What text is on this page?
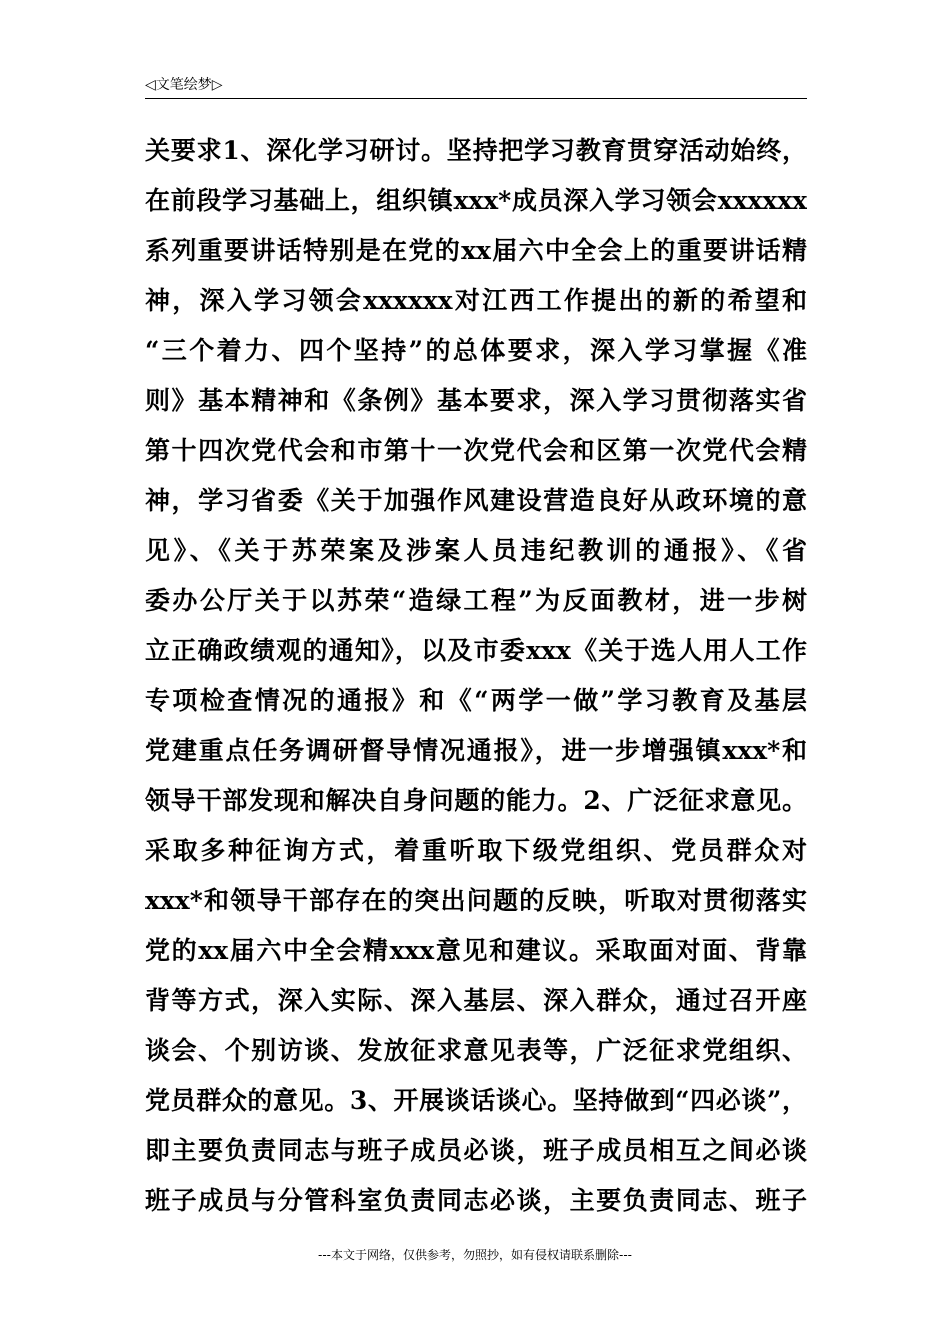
◁文笔绘梦▷
关要求1、深化学习研讨。坚持把学习教育贯穿活动始终，
在前段学习基础上，组织镇xxx*成员深入学习领会xxxxxx
系列重要讲话特别是在党的xx届六中全会上的重要讲话精
神，深入学习领会xxxxxx对江西工作提出的新的希望和
“三个着力、四个坚持”的总体要求，深入学习掌握《准
则》基本精神和《条例》基本要求，深入学习贯彻落实省
第十四次党代会和市第十一次党代会和区第一次党代会精
神，学习省委《关于加强作风建设营造良好从政环境的意
见》、《关于苏荣案及涉案人员违纪教训的通报》、《省
委办公厅关于以苏荣“造绿工程”为反面教材，进一步树
立正确政绩观的通知》，以及市委xxx《关于选人用人工作
专项检查情况的通报》和《“两学一做”学习教育及基层
党建重点任务调研督导情况通报》，进一步增强镇xxx*和
领导干部发现和解决自身问题的能力。2、广泛征求意见。
采取多种征询方式，着重听取下级党组织、党员群众对
xxx*和领导干部存在的突出问题的反映，听取对贯彻落实
党的xx届六中全会精xxx意见和建议。采取面对面、背靠
背等方式，深入实际、深入基层、深入群众，通过召开座
谈会、个别访谈、发放征求意见表等，广泛征求党组织、
党员群众的意见。3、开展谈话谈心。坚持做到“四必谈”，
即主要负责同志与班子成员必谈，班子成员相互之间必谈
班子成员与分管科室负责同志必谈，主要负责同志、班子
---本文于网络，仅供参考，勿照抄，如有侵权请联系删除---
